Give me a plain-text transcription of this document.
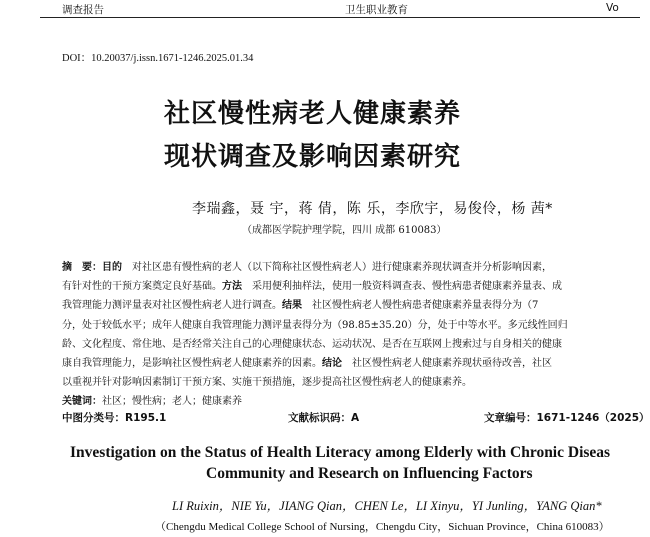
调查报告	卫生职业教育	Vo
DOI：10.20037/j.issn.1671-1246.2025.01.34
社区慢性病老人健康素养
现状调查及影响因素研究
李瑞鑫，聂 宇，蒋 倩，陈 乐，李欣宇，易俊伶，杨 茜*
（成都医学院护理学院，四川 成都 610083）
摘　要：目的　对社区患有慢性病的老人（以下简称社区慢性病老人）进行健康素养现状调查并分析影响因素，
有针对性的干预方案奠定良好基础。方法　采用便利抽样法，使用一般资料调查表、慢性病患者健康素养量表、成
我管理能力测评量表对社区慢性病老人进行调查。结果　社区慢性病老人慢性病患者健康素养量表得分为（7
分，处于较低水平；成年人健康自我管理能力测评量表得分为（98.85±35.20）分，处于中等水平。多元线性回归
龄、文化程度、常住地、是否经常关注自己的心理健康状态、运动状况、是否在互联网上搜索过与自身相关的健康
康自我管理能力，是影响社区慢性病老人健康素养的因素。结论　社区慢性病老人健康素养现状亟待改善，社区
以重视并针对影响因素制订干预方案、实施干预措施，逐步提高社区慢性病老人的健康素养。
关键词：社区；慢性病；老人；健康素养
中图分类号：R195.1	文献标识码：A	文章编号：1671-1246（2025）
Investigation on the Status of Health Literacy among Elderly with Chronic Diseas
Community and Research on Influencing Factors
LI Ruixin，NIE Yu，JIANG Qian，CHEN Le，LI Xinyu，YI Junling，YANG Qian*
（Chengdu Medical College School of Nursing，Chengdu City，Sichuan Province，China 610083）
